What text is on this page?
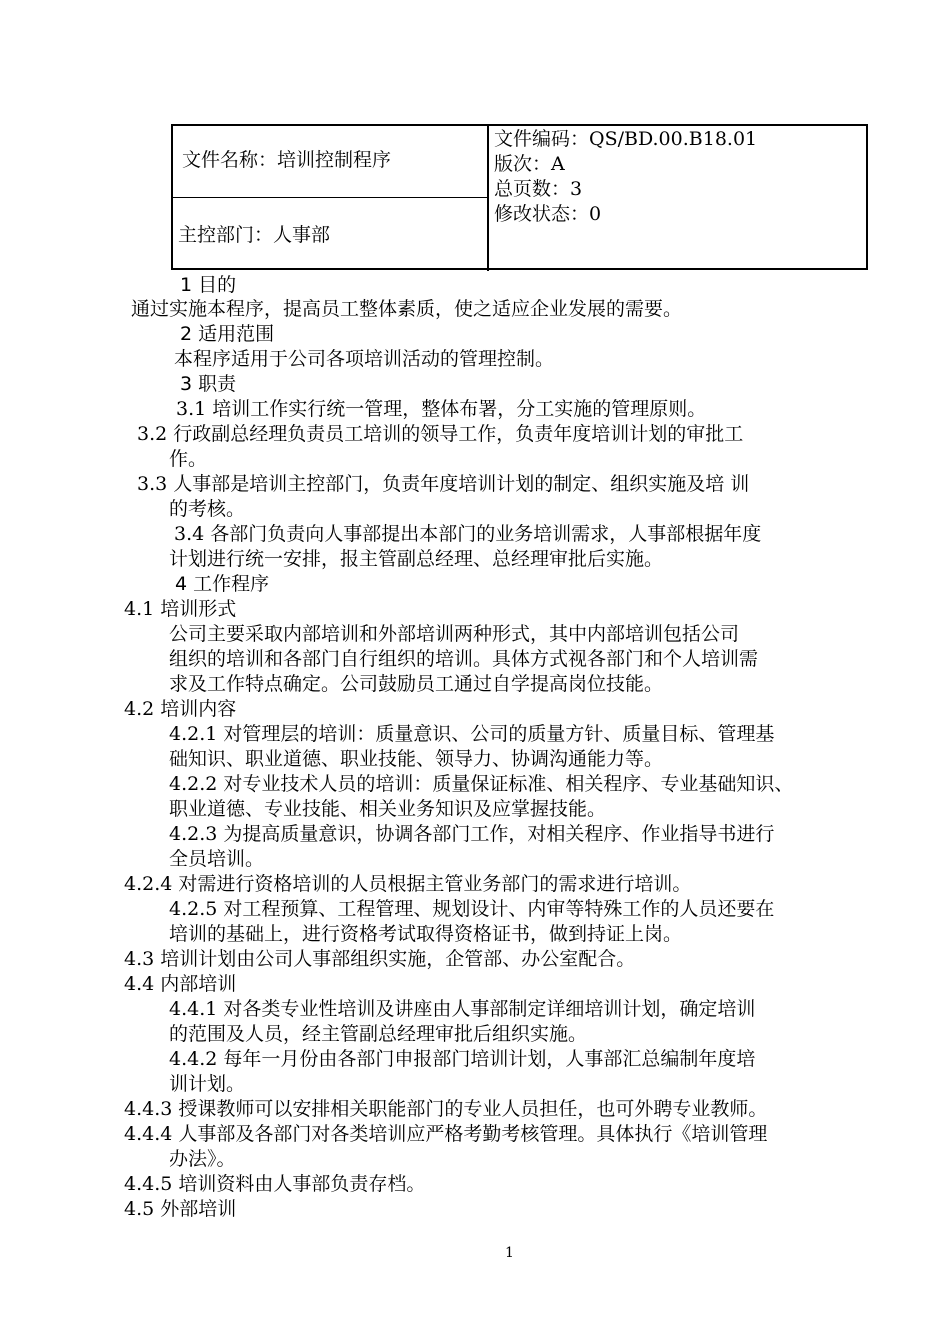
文件名称：培训控制程序
主控部门：人事部
文件编码：QS/BD.00.B18.01
版次：A
总页数：3
修改状态：0
1 目的
通过实施本程序，提高员工整体素质，使之适应企业发展的需要。
2 适用范围
本程序适用于公司各项培训活动的管理控制。
3 职责
3.1 培训工作实行统一管理，整体布署，分工实施的管理原则。
3.2 行政副总经理负责员工培训的领导工作，负责年度培训计划的审批工
作。
3.3 人事部是培训主控部门，负责年度培训计划的制定、组织实施及培 训
的考核。
3.4 各部门负责向人事部提出本部门的业务培训需求，人事部根据年度
计划进行统一安排，报主管副总经理、总经理审批后实施。
4 工作程序
4.1 培训形式
公司主要采取内部培训和外部培训两种形式，其中内部培训包括公司
组织的培训和各部门自行组织的培训。具体方式视各部门和个人培训需
求及工作特点确定。公司鼓励员工通过自学提高岗位技能。
4.2 培训内容
4.2.1 对管理层的培训：质量意识、公司的质量方针、质量目标、管理基
础知识、职业道德、职业技能、领导力、协调沟通能力等。
4.2.2 对专业技术人员的培训：质量保证标准、相关程序、专业基础知识、
职业道德、专业技能、相关业务知识及应掌握技能。
4.2.3 为提高质量意识，协调各部门工作，对相关程序、作业指导书进行
全员培训。
4.2.4 对需进行资格培训的人员根据主管业务部门的需求进行培训。
4.2.5 对工程预算、工程管理、规划设计、内审等特殊工作的人员还要在
培训的基础上，进行资格考试取得资格证书，做到持证上岗。
4.3 培训计划由公司人事部组织实施，企管部、办公室配合。
4.4 内部培训
4.4.1 对各类专业性培训及讲座由人事部制定详细培训计划，确定培训
的范围及人员，经主管副总经理审批后组织实施。
4.4.2 每年一月份由各部门申报部门培训计划，人事部汇总编制年度培
训计划。
4.4.3 授课教师可以安排相关职能部门的专业人员担任，也可外聘专业教师。
4.4.4 人事部及各部门对各类培训应严格考勤考核管理。具体执行《培训管理
办法》。
4.4.5 培训资料由人事部负责存档。
4.5 外部培训
1
